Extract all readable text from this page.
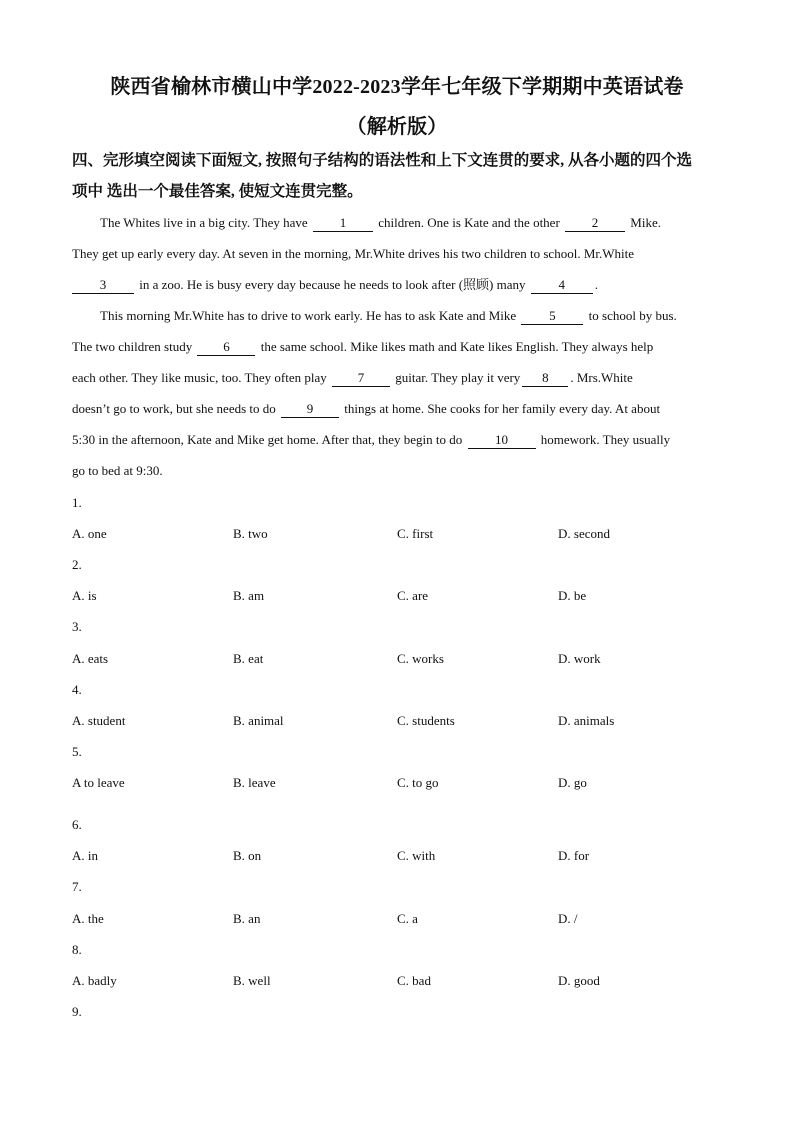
陕西省榆林市横山中学2022-2023学年七年级下学期期中英语试卷
（解析版）
四、完形填空阅读下面短文, 按照句子结构的语法性和上下文连贯的要求, 从各小题的四个选
项中 选出一个最佳答案, 使短文连贯完整。
The Whites live in a big city. They have 1 children. One is Kate and the other 2 Mike.
They get up early every day. At seven in the morning, Mr.White drives his two children to school. Mr.White
3 in a zoo. He is busy every day because he needs to look after (照顾) many 4 .
This morning Mr.White has to drive to work early. He has to ask Kate and Mike 5 to school by bus.
The two children study 6 the same school. Mike likes math and Kate likes English. They always help
each other. They like music, too. They often play 7 guitar. They play it very 8 . Mrs.White
doesn’t go to work, but she needs to do 9 things at home. She cooks for her family every day. At about
5:30 in the afternoon, Kate and Mike get home. After that, they begin to do 10 homework. They usually
go to bed at 9:30.
1.
A. one	B. two	C. first	D. second
2.
A. is	B. am	C. are	D. be
3.
A. eats	B. eat	C. works	D. work
4.
A. student	B. animal	C. students	D. animals
5.
A to leave	B. leave	C. to go	D. go
6.
A. in	B. on	C. with	D. for
7.
A. the	B. an	C. a	D. /
8.
A. badly	B. well	C. bad	D. good
9.
